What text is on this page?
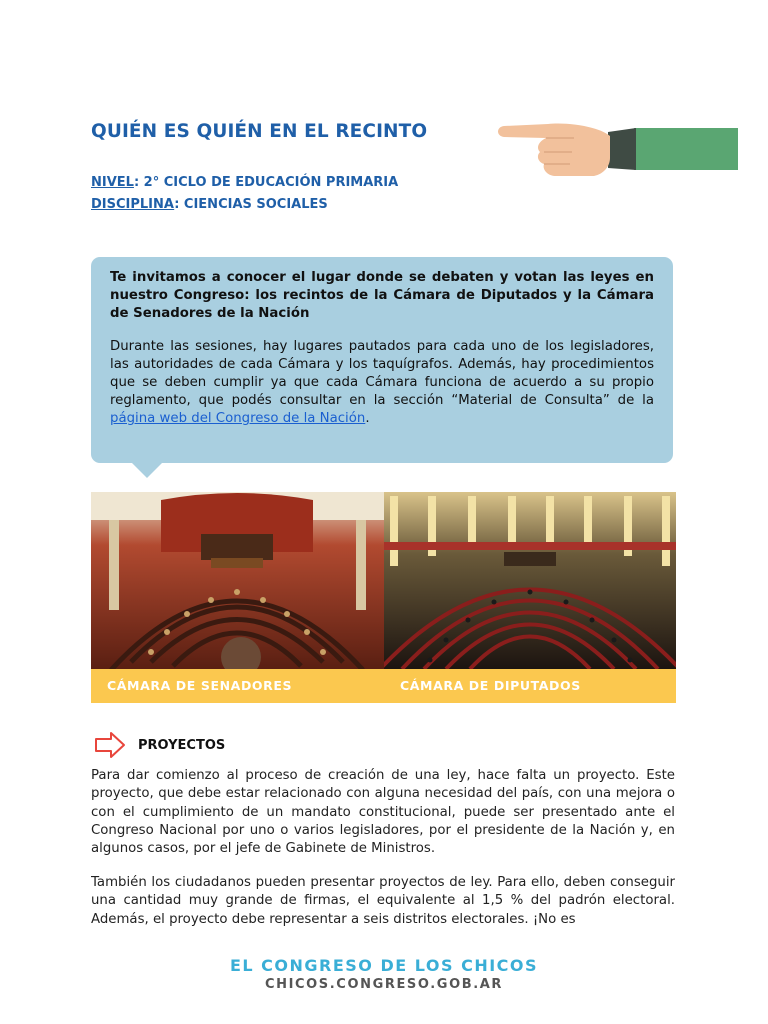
QUIÉN ES QUIÉN EN EL RECINTO
NIVEL: 2° CICLO DE EDUCACIÓN PRIMARIA
DISCIPLINA: CIENCIAS SOCIALES

Te invitamos a conocer el lugar donde se debaten y votan las leyes en nuestro Congreso: los recintos de la Cámara de Diputados y la Cámara de Senadores de la Nación

Durante las sesiones, hay lugares pautados para cada uno de los legisladores, las autoridades de cada Cámara y los taquígrafos. Además, hay procedimientos que se deben cumplir ya que cada Cámara funciona de acuerdo a su propio reglamento, que podés consultar en la sección “Material de Consulta” de la página web del Congreso de la Nación.

CÁMARA DE SENADORES	CÁMARA DE DIPUTADOS
PROYECTOS

Para dar comienzo al proceso de creación de una ley, hace falta un proyecto. Este proyecto, que debe estar relacionado con alguna necesidad del país, con una mejora o con el cumplimiento de un mandato constitucional, puede ser presentado ante el Congreso Nacional por uno o varios legisladores, por el presidente de la Nación y, en algunos casos, por el jefe de Gabinete de Ministros.

También los ciudadanos pueden presentar proyectos de ley. Para ello, deben conseguir una cantidad muy grande de firmas, el equivalente al 1,5 % del padrón electoral. Además, el proyecto debe representar a seis distritos electorales. ¡No es

EL CONGRESO DE LOS CHICOS
CHICOS.CONGRESO.GOB.AR
